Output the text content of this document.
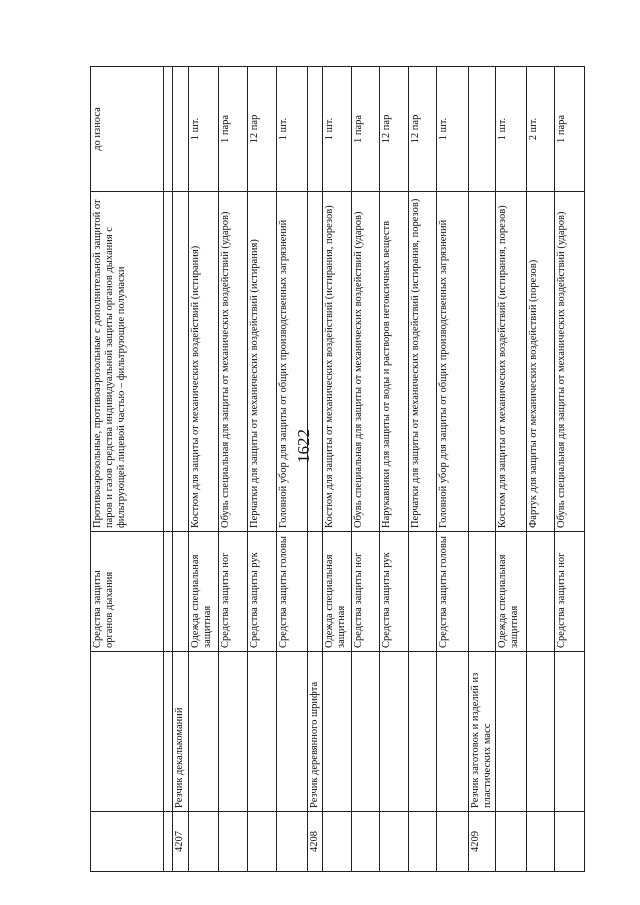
1622
		Средства защиты органов дыхания	Противоаэрозольные, противоаэрозольные с дополнительной защитой от паров и газов средства индивидуальной защиты органов дыхания с фильтрующей лицевой частью – фильтрующие полумаски	до износа

4207	Резчик декалькоманий			
		Одежда специальная защитная	Костюм для защиты от механических воздействий (истирания)	1 шт.
		Средства защиты ног	Обувь специальная для защиты от механических воздействий (ударов)	1 пара
		Средства защиты рук	Перчатки для защиты от механических воздействий (истирания)	12 пар
		Средства защиты головы	Головной убор для защиты от общих производственных загрязнений	1 шт.
4208	Резчик деревянного шрифта			
		Одежда специальная защитная	Костюм для защиты от механических воздействий (истирания, порезов)	1 шт.
		Средства защиты ног	Обувь специальная для защиты от механических воздействий (ударов)	1 пара
		Средства защиты рук	Нарукавники для защиты от воды и растворов нетоксичных веществ	12 пар
			Перчатки для защиты от механических воздействий (истирания, порезов)	12 пар
		Средства защиты головы	Головной убор для защиты от общих производственных загрязнений	1 шт.
4209	Резчик заготовок и изделий из пластических масс			
		Одежда специальная защитная	Костюм для защиты от механических воздействий (истирания, порезов)	1 шт.
			Фартук для защиты от механических воздействий (порезов)	2 шт.
		Средства защиты ног	Обувь специальная для защиты от механических воздействий (ударов)	1 пара
